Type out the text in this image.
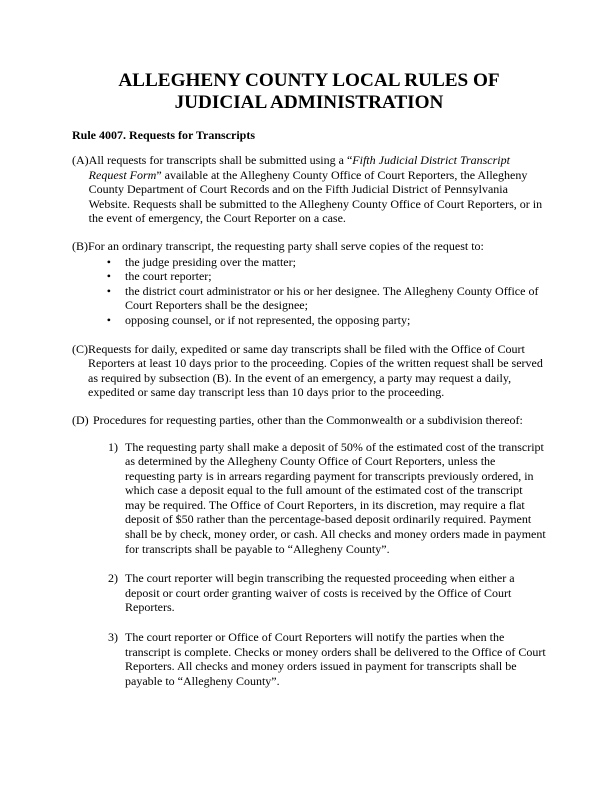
ALLEGHENY COUNTY LOCAL RULES OF JUDICIAL ADMINISTRATION
Rule 4007. Requests for Transcripts
(A) All requests for transcripts shall be submitted using a “Fifth Judicial District Transcript Request Form” available at the Allegheny County Office of Court Reporters, the Allegheny County Department of Court Records and on the Fifth Judicial District of Pennsylvania Website. Requests shall be submitted to the Allegheny County Office of Court Reporters, or in the event of emergency, the Court Reporter on a case.
(B) For an ordinary transcript, the requesting party shall serve copies of the request to:
•	the judge presiding over the matter;
•	the court reporter;
•	the district court administrator or his or her designee. The Allegheny County Office of Court Reporters shall be the designee;
•	opposing counsel, or if not represented, the opposing party;
(C) Requests for daily, expedited or same day transcripts shall be filed with the Office of Court Reporters at least 10 days prior to the proceeding. Copies of the written request shall be served as required by subsection (B). In the event of an emergency, a party may request a daily, expedited or same day transcript less than 10 days prior to the proceeding.
(D) Procedures for requesting parties, other than the Commonwealth or a subdivision thereof:
1) The requesting party shall make a deposit of 50% of the estimated cost of the transcript as determined by the Allegheny County Office of Court Reporters, unless the requesting party is in arrears regarding payment for transcripts previously ordered, in which case a deposit equal to the full amount of the estimated cost of the transcript may be required. The Office of Court Reporters, in its discretion, may require a flat deposit of $50 rather than the percentage-based deposit ordinarily required. Payment shall be by check, money order, or cash. All checks and money orders made in payment for transcripts shall be payable to “Allegheny County”.
2) The court reporter will begin transcribing the requested proceeding when either a deposit or court order granting waiver of costs is received by the Office of Court Reporters.
3) The court reporter or Office of Court Reporters will notify the parties when the transcript is complete. Checks or money orders shall be delivered to the Office of Court Reporters. All checks and money orders issued in payment for transcripts shall be payable to “Allegheny County”.
